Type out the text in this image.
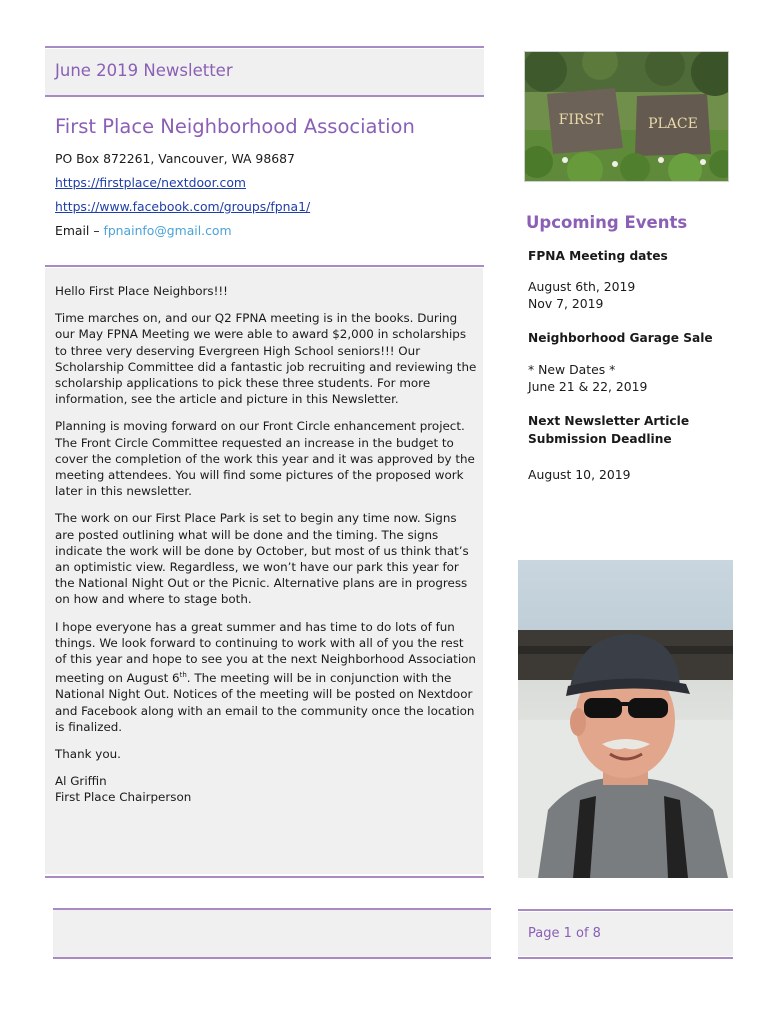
June 2019 Newsletter
First Place Neighborhood Association
PO Box 872261, Vancouver, WA 98687
https://firstplace/nextdoor.com
https://www.facebook.com/groups/fpna1/
Email – fpnainfo@gmail.com

Hello First Place Neighbors!!!

Time marches on, and our Q2 FPNA meeting is in the books. During our May FPNA Meeting we were able to award $2,000 in scholarships to three very deserving Evergreen High School seniors!!! Our Scholarship Committee did a fantastic job recruiting and reviewing the scholarship applications to pick these three students. For more information, see the article and picture in this Newsletter.

Planning is moving forward on our Front Circle enhancement project. The Front Circle Committee requested an increase in the budget to cover the completion of the work this year and it was approved by the meeting attendees. You will find some pictures of the proposed work later in this newsletter.

The work on our First Place Park is set to begin any time now. Signs are posted outlining what will be done and the timing. The signs indicate the work will be done by October, but most of us think that’s an optimistic view. Regardless, we won’t have our park this year for the National Night Out or the Picnic. Alternative plans are in progress on how and where to stage both.

I hope everyone has a great summer and has time to do lots of fun things. We look forward to continuing to work with all of you the rest of this year and hope to see you at the next Neighborhood Association meeting on August 6th. The meeting will be in conjunction with the National Night Out. Notices of the meeting will be posted on Nextdoor and Facebook along with an email to the community once the location is finalized.

Thank you.

Al Griffin
First Place Chairperson

FIRST	PLACE
Upcoming Events
FPNA Meeting dates
August 6th, 2019
Nov 7, 2019
Neighborhood Garage Sale
* New Dates *
June 21 & 22, 2019
Next Newsletter Article
Submission Deadline
August 10, 2019
Page 1 of 8
